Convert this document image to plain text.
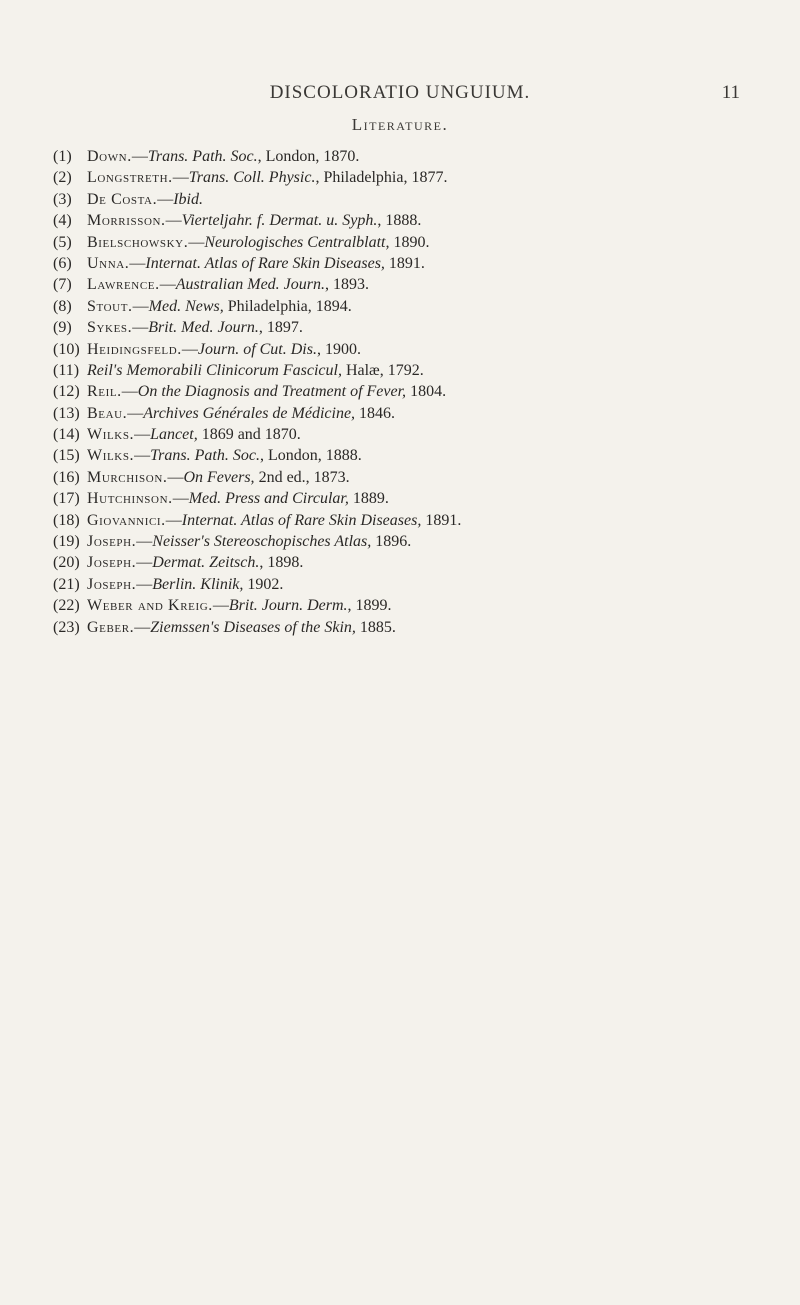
DISCOLORATIO UNGUIUM.	11
Literature.
(1) Down.—Trans. Path. Soc., London, 1870.
(2) Longstreth.—Trans. Coll. Physic., Philadelphia, 1877.
(3) De Costa.—Ibid.
(4) Morrisson.—Vierteljahr. f. Dermat. u. Syph., 1888.
(5) Bielschowsky.—Neurologisches Centralblatt, 1890.
(6) Unna.—Internat. Atlas of Rare Skin Diseases, 1891.
(7) Lawrence.—Australian Med. Journ., 1893.
(8) Stout.—Med. News, Philadelphia, 1894.
(9) Sykes.—Brit. Med. Journ., 1897.
(10) Heidingsfeld.—Journ. of Cut. Dis., 1900.
(11) Reil's Memorabili Clinicorum Fascicul, Halæ, 1792.
(12) Reil.—On the Diagnosis and Treatment of Fever, 1804.
(13) Beau.—Archives Générales de Médicine, 1846.
(14) Wilks.—Lancet, 1869 and 1870.
(15) Wilks.—Trans. Path. Soc., London, 1888.
(16) Murchison.—On Fevers, 2nd ed., 1873.
(17) Hutchinson.—Med. Press and Circular, 1889.
(18) Giovannici.—Internat. Atlas of Rare Skin Diseases, 1891.
(19) Joseph.—Neisser's Stereoschopisches Atlas, 1896.
(20) Joseph.—Dermat. Zeitsch., 1898.
(21) Joseph.—Berlin. Klinik, 1902.
(22) Weber and Kreig.—Brit. Journ. Derm., 1899.
(23) Geber.—Ziemssen's Diseases of the Skin, 1885.
